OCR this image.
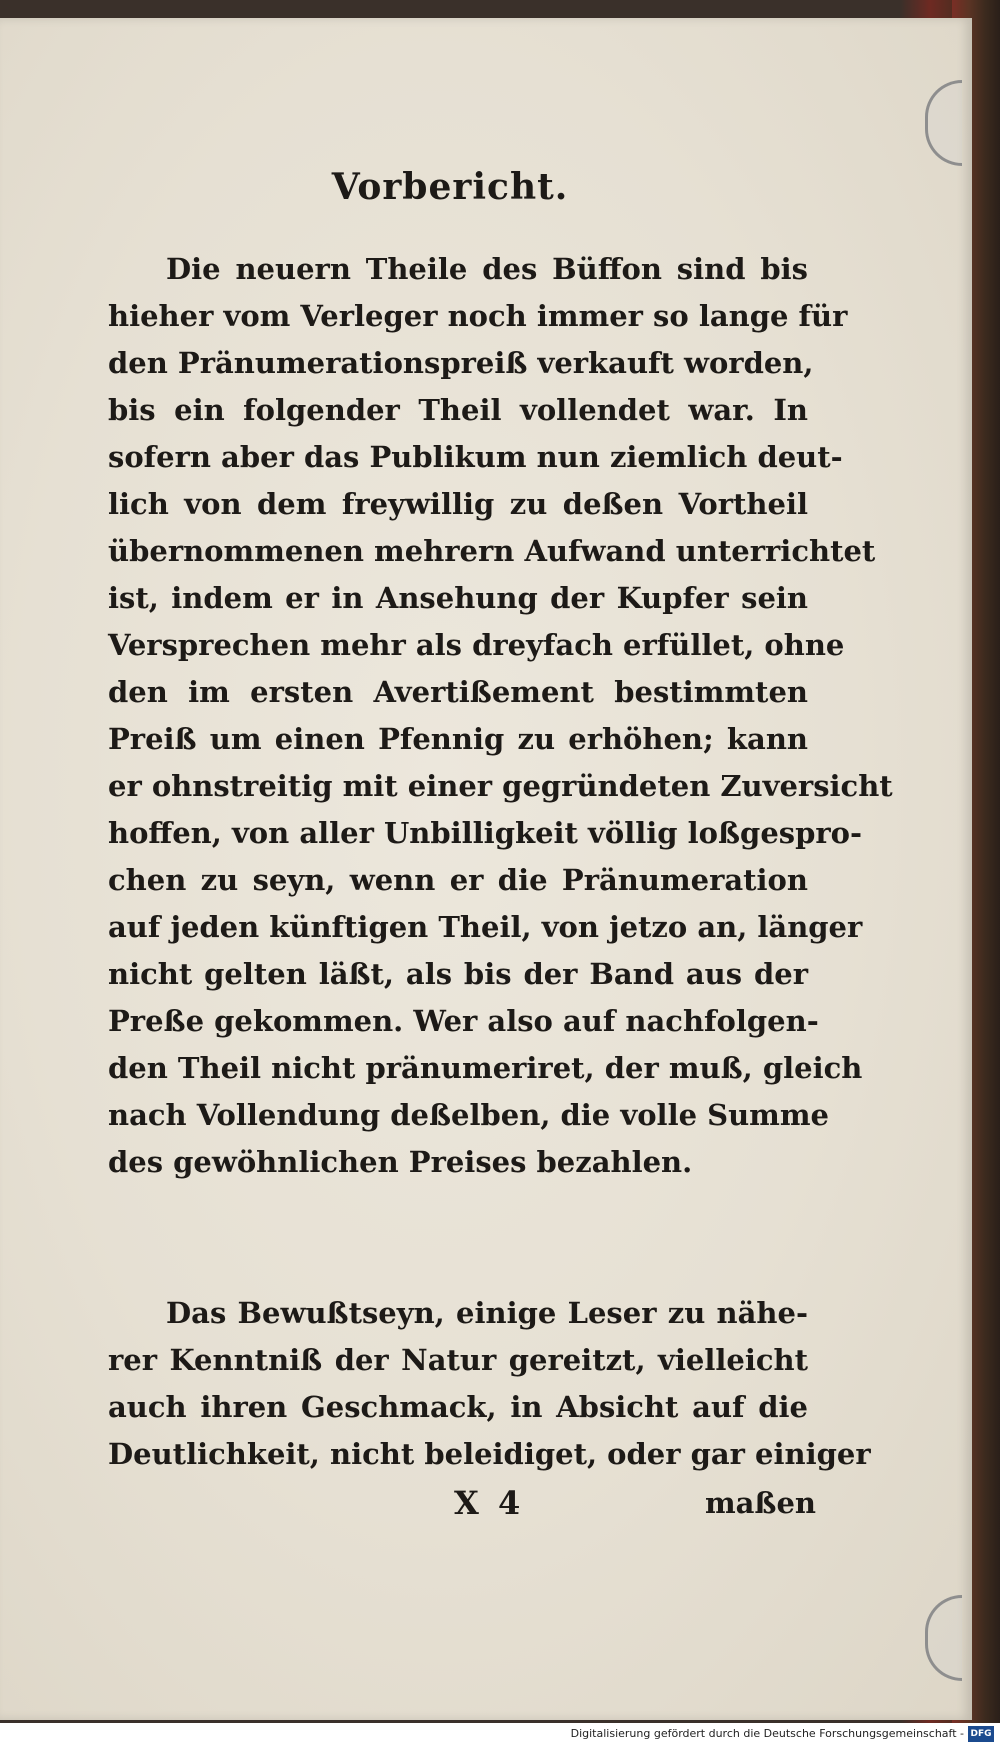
Vorbericht.
Die neuern Theile des Büffon sind bis
hieher vom Verleger noch immer so lange für
den Pränumerationspreiß verkauft worden,
bis ein folgender Theil vollendet war. In
sofern aber das Publikum nun ziemlich deut-
lich von dem freywillig zu deßen Vortheil
übernommenen mehrern Aufwand unterrichtet
ist, indem er in Ansehung der Kupfer sein
Versprechen mehr als dreyfach erfüllet, ohne
den im ersten Avertißement bestimmten
Preiß um einen Pfennig zu erhöhen; kann
er ohnstreitig mit einer gegründeten Zuversicht
hoffen, von aller Unbilligkeit völlig loßgespro-
chen zu seyn, wenn er die Pränumeration
auf jeden künftigen Theil, von jetzo an, länger
nicht gelten läßt, als bis der Band aus der
Preße gekommen. Wer also auf nachfolgen-
den Theil nicht pränumeriret, der muß, gleich
nach Vollendung deßelben, die volle Summe
des gewöhnlichen Preises bezahlen.
Das Bewußtseyn, einige Leser zu nähe-
rer Kenntniß der Natur gereitzt, vielleicht
auch ihren Geschmack, in Absicht auf die
Deutlichkeit, nicht beleidiget, oder gar einiger
X 4	maßen
Digitalisierung gefördert durch die Deutsche Forschungsgemeinschaft - DFG
